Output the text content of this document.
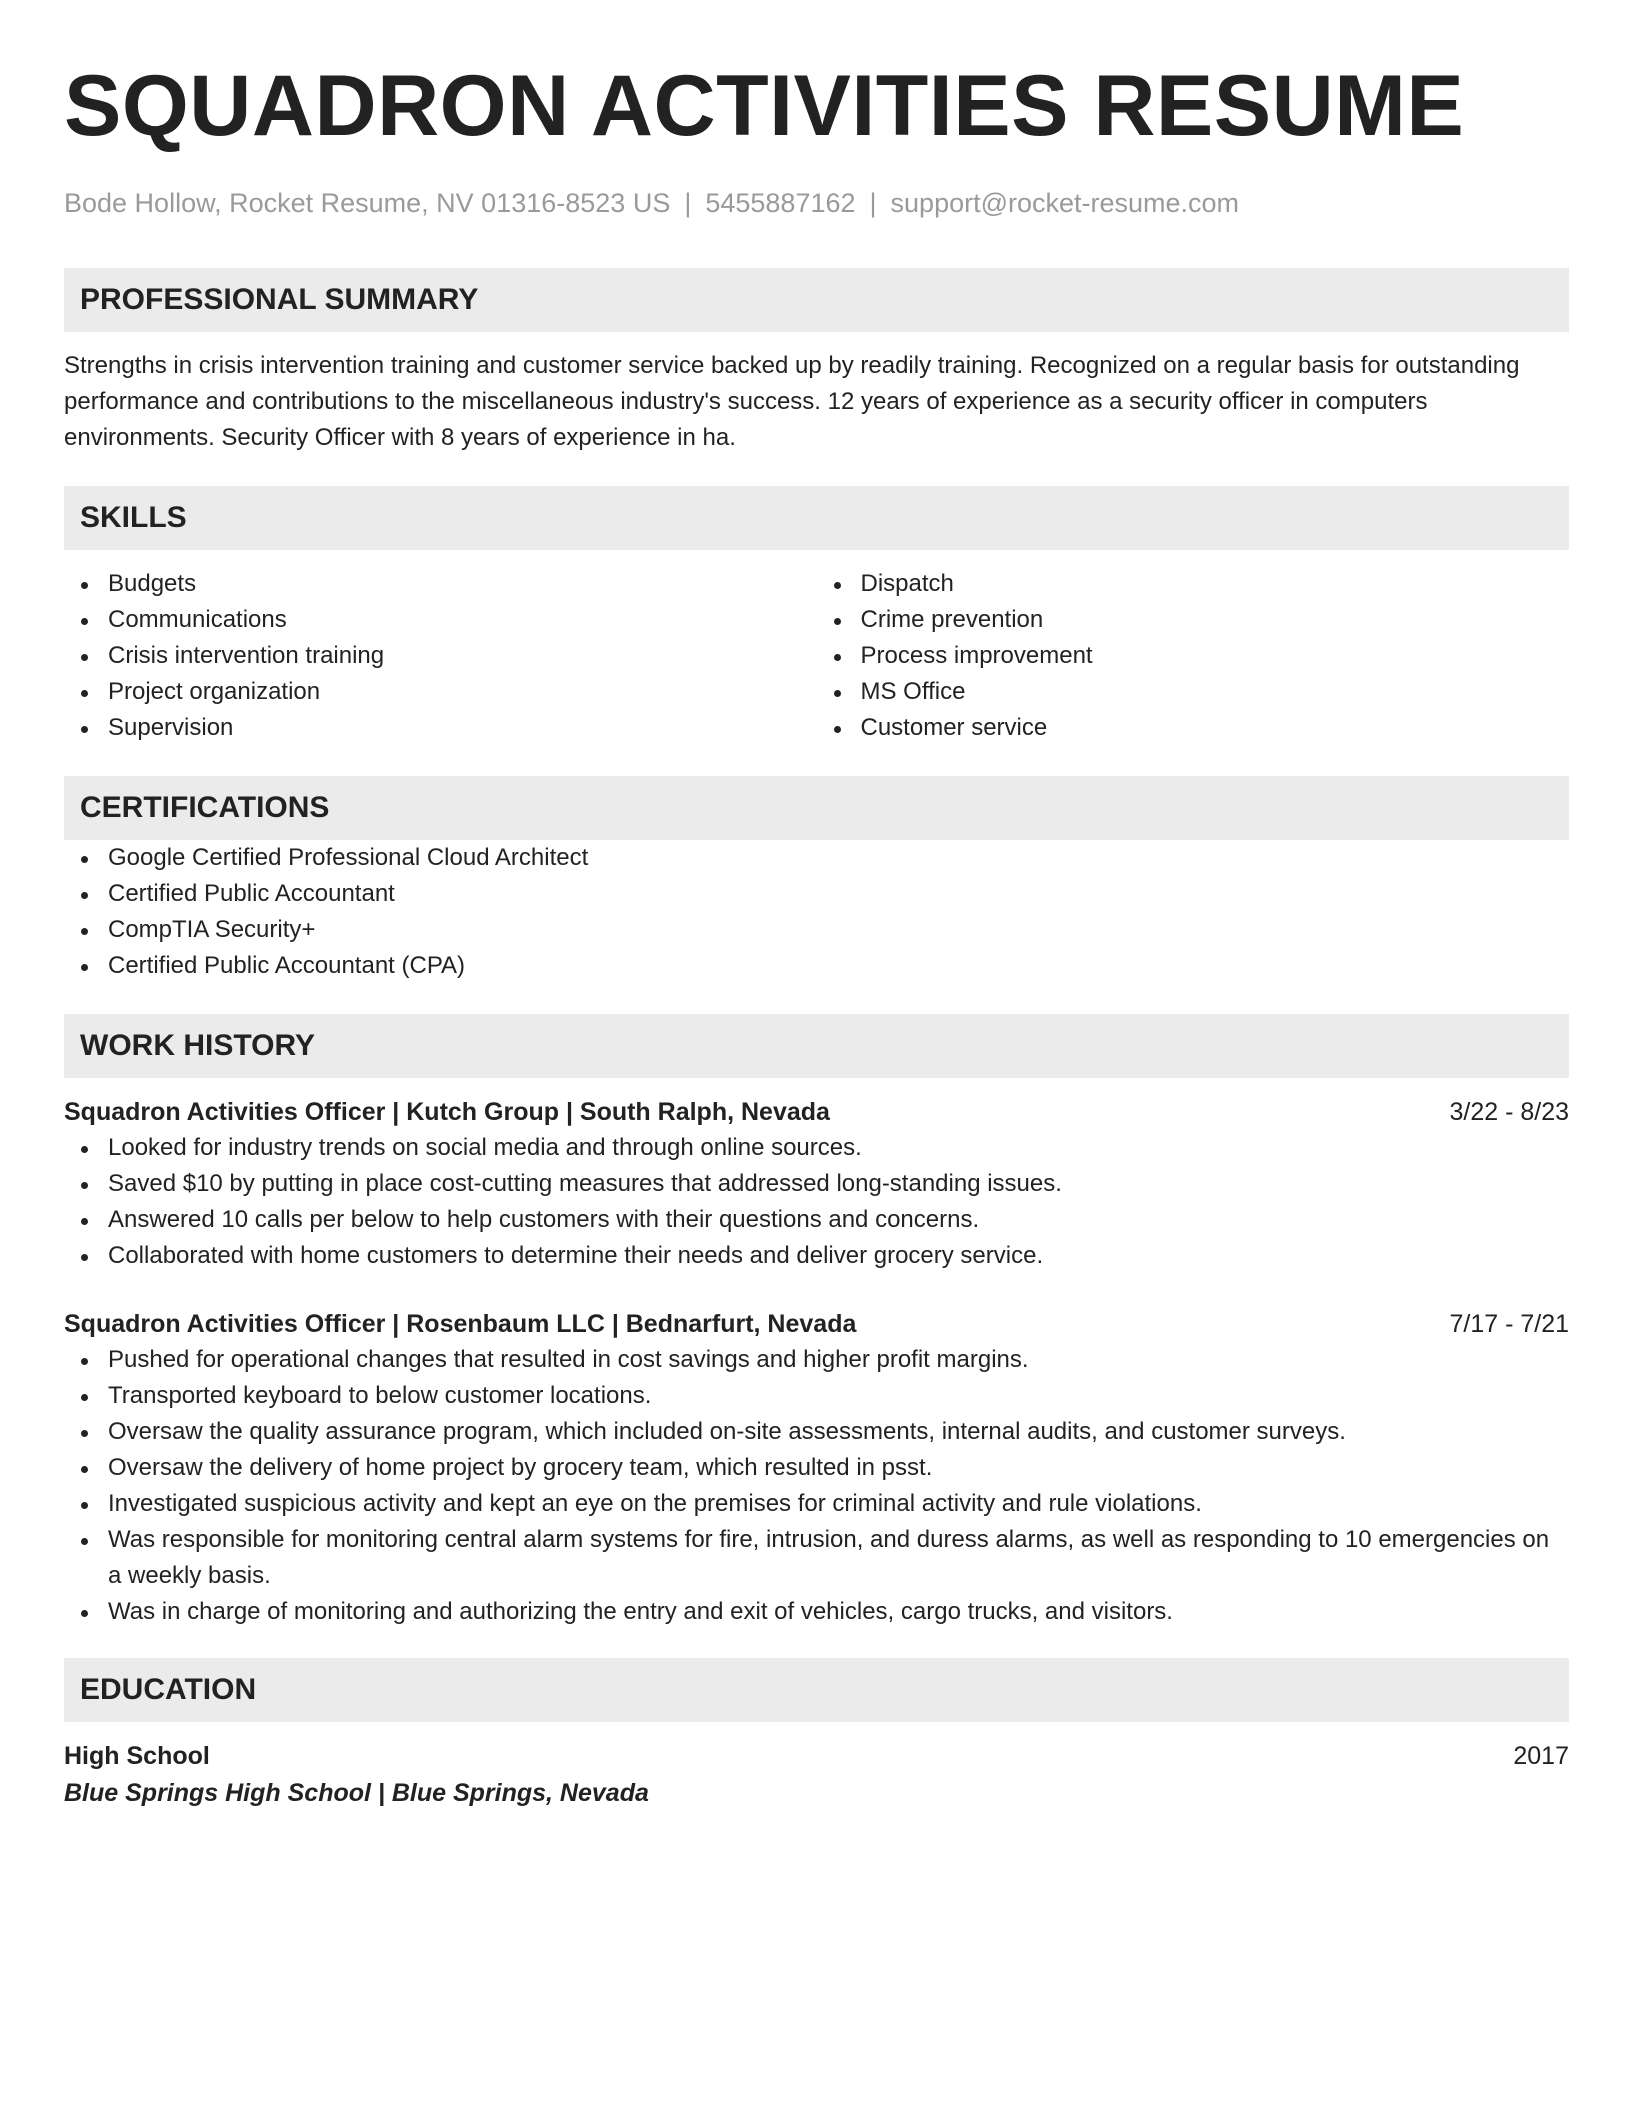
SQUADRON ACTIVITIES RESUME
Bode Hollow, Rocket Resume, NV 01316-8523 US | 5455887162 | support@rocket-resume.com
PROFESSIONAL SUMMARY
Strengths in crisis intervention training and customer service backed up by readily training. Recognized on a regular basis for outstanding performance and contributions to the miscellaneous industry's success. 12 years of experience as a security officer in computers environments. Security Officer with 8 years of experience in ha.
SKILLS
Budgets
Communications
Crisis intervention training
Project organization
Supervision
Dispatch
Crime prevention
Process improvement
MS Office
Customer service
CERTIFICATIONS
Google Certified Professional Cloud Architect
Certified Public Accountant
CompTIA Security+
Certified Public Accountant (CPA)
WORK HISTORY
Squadron Activities Officer | Kutch Group | South Ralph, Nevada	3/22 - 8/23
Looked for industry trends on social media and through online sources.
Saved $10 by putting in place cost-cutting measures that addressed long-standing issues.
Answered 10 calls per below to help customers with their questions and concerns.
Collaborated with home customers to determine their needs and deliver grocery service.
Squadron Activities Officer | Rosenbaum LLC | Bednarfurt, Nevada	7/17 - 7/21
Pushed for operational changes that resulted in cost savings and higher profit margins.
Transported keyboard to below customer locations.
Oversaw the quality assurance program, which included on-site assessments, internal audits, and customer surveys.
Oversaw the delivery of home project by grocery team, which resulted in psst.
Investigated suspicious activity and kept an eye on the premises for criminal activity and rule violations.
Was responsible for monitoring central alarm systems for fire, intrusion, and duress alarms, as well as responding to 10 emergencies on a weekly basis.
Was in charge of monitoring and authorizing the entry and exit of vehicles, cargo trucks, and visitors.
EDUCATION
High School	2017
Blue Springs High School | Blue Springs, Nevada
